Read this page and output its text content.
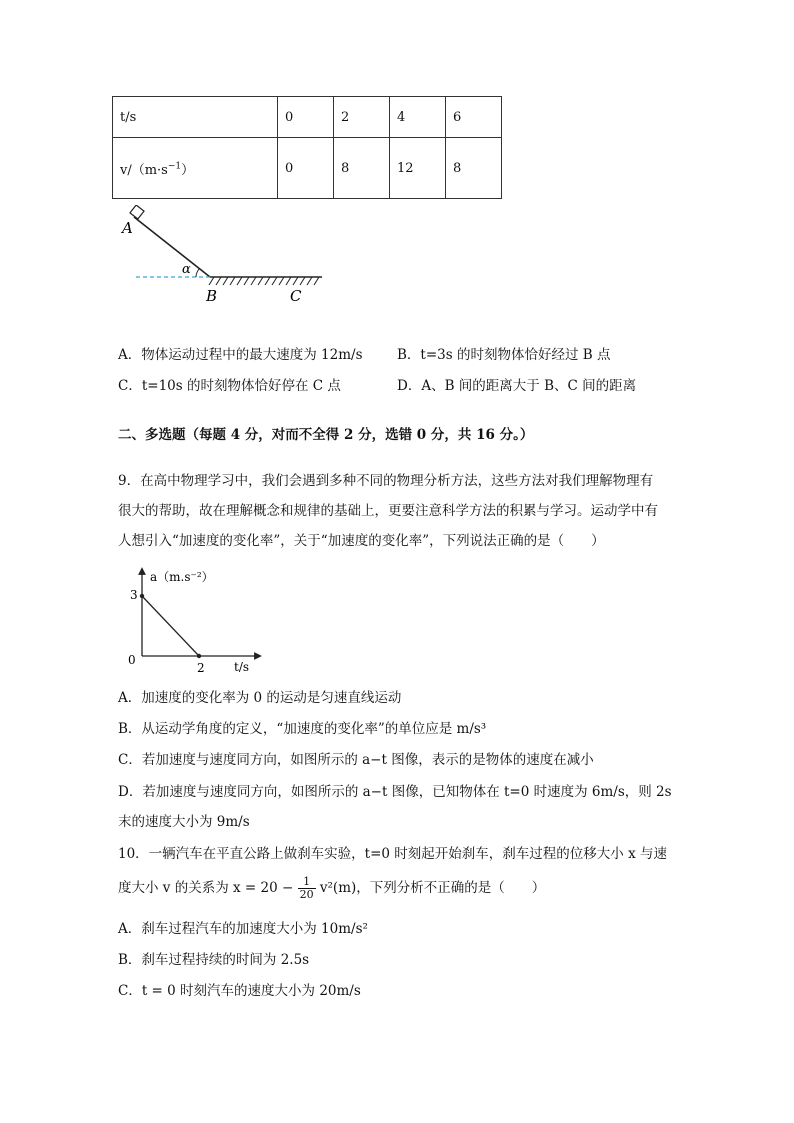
t/s	0	2	4	6
$v/(m\cdot s^{-1})$	0	8	12	8
A
α
B	C
A．物体运动过程中的最大速度为 12m/s	B．t=3s 的时刻物体恰好经过 B 点
C．t=10s 的时刻物体恰好停在 C 点	D．A、B 间的距离大于 B、C 间的距离
二、多选题（每题 4 分，对而不全得 2 分，选错 0 分，共 16 分。）
9．在高中物理学习中，我们会遇到多种不同的物理分析方法，这些方法对我们理解物理有
很大的帮助，故在理解概念和规律的基础上，更要注意科学方法的积累与学习。运动学中有
人想引入“加速度的变化率”，关于“加速度的变化率”，下列说法正确的是（　　）
a（m.s⁻²）
t/s
0
3
2
A．加速度的变化率为 0 的运动是匀速直线运动
B．从运动学角度的定义，“加速度的变化率”的单位应是 m/s³
C．若加速度与速度同方向，如图所示的 a−t 图像，表示的是物体的速度在减小
D．若加速度与速度同方向，如图所示的 a−t 图像，已知物体在 t=0 时速度为 6m/s，则 2s
末的速度大小为 9m/s
10．一辆汽车在平直公路上做刹车实验，t=0 时刻起开始刹车，刹车过程的位移大小 x 与速
度大小 v 的关系为 $x = 20 - \frac{1}{20} v^2(m)$，下列分析不正确的是（　　）
A．刹车过程汽车的加速度大小为 10m/s²
B．刹车过程持续的时间为 2.5s
C．t = 0 时刻汽车的速度大小为 20m/s
